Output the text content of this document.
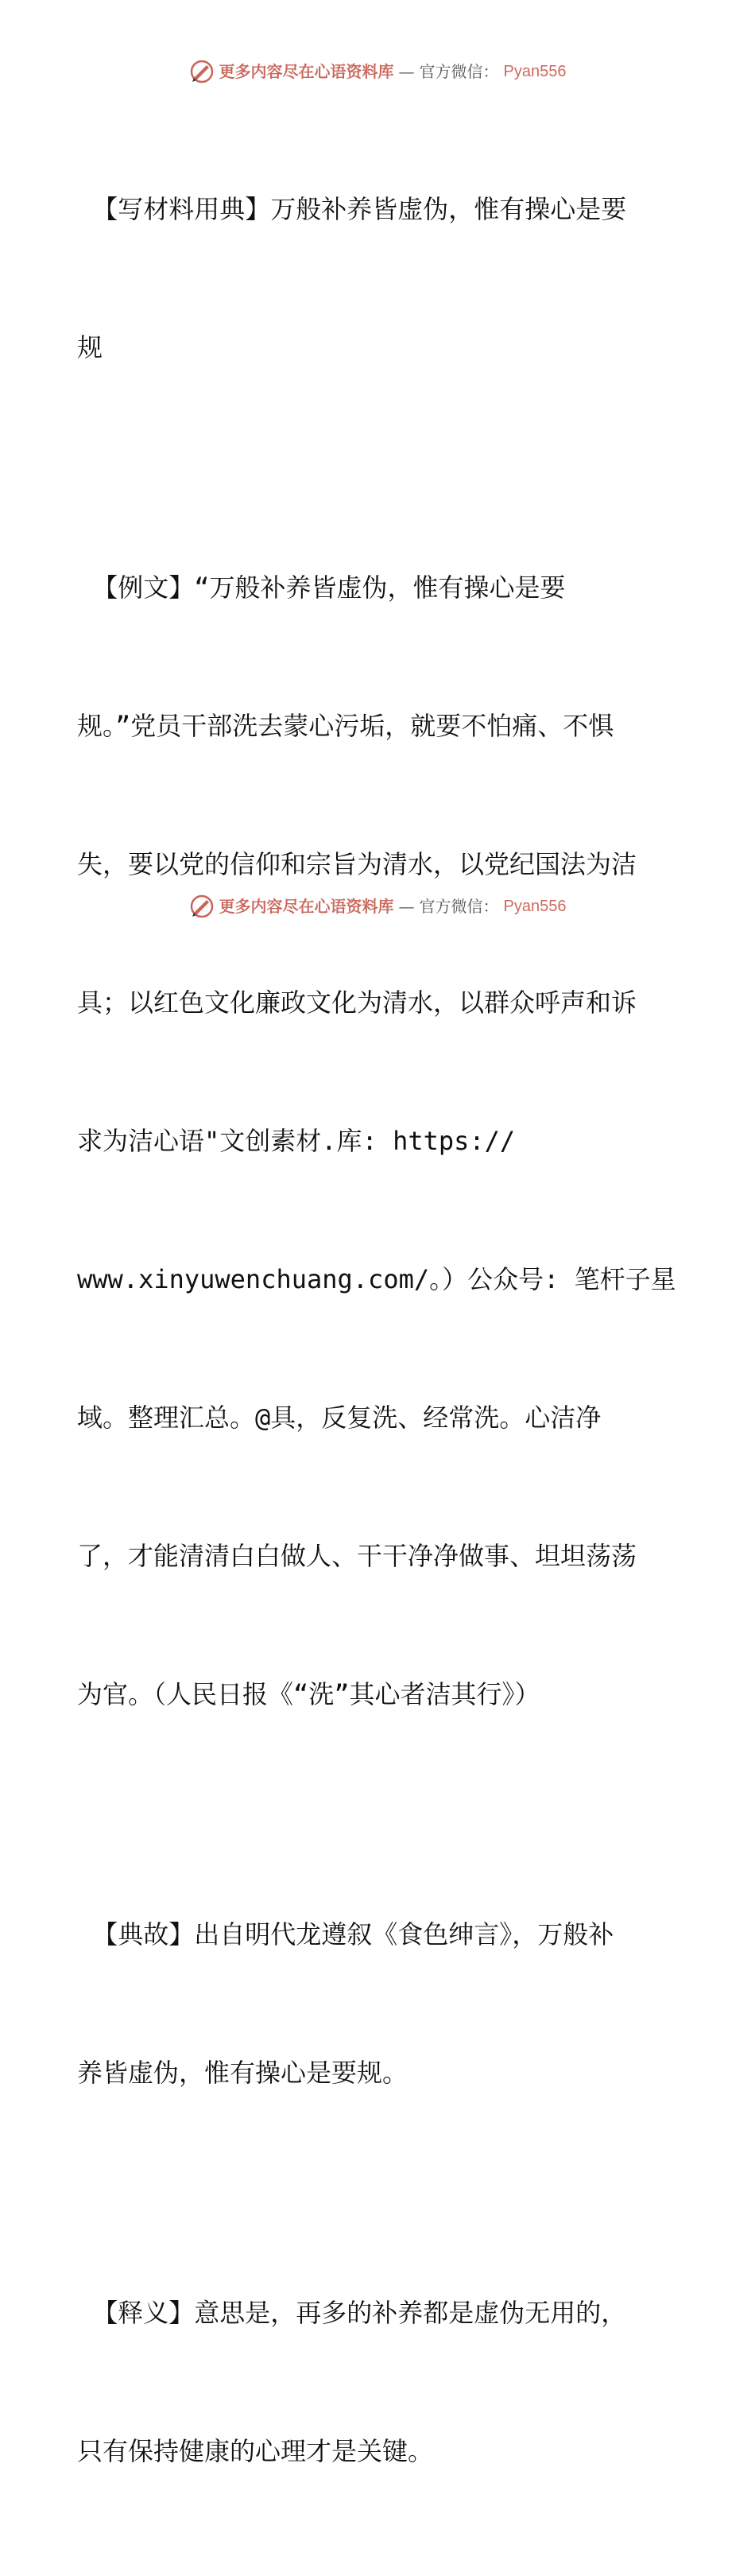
更多内容尽在心语资料库 — 官方微信： Pyan556

【写材料用典】万般补养皆虚伪，惟有操心是要

规

【例文】“万般补养皆虚伪，惟有操心是要

规。”党员干部洗去蒙心污垢，就要不怕痛、不惧

失，要以党的信仰和宗旨为清水，以党纪国法为洁

具；以红色文化廉政文化为清水，以群众呼声和诉

求为洁心语"文创素材.库: https://

www.xinyuwenchuang.com/。）公众号: 笔杆子星

域。整理汇总。@具，反复洗、经常洗。心洁净

了，才能清清白白做人、干干净净做事、坦坦荡荡

为官。（人民日报《“洗”其心者洁其行》）

【典故】出自明代龙遵叙《食色绅言》，万般补

养皆虚伪，惟有操心是要规。

【释义】意思是，再多的补养都是虚伪无用的，

只有保持健康的心理才是关键。

更多内容尽在心语资料库 — 官方微信： Pyan556
